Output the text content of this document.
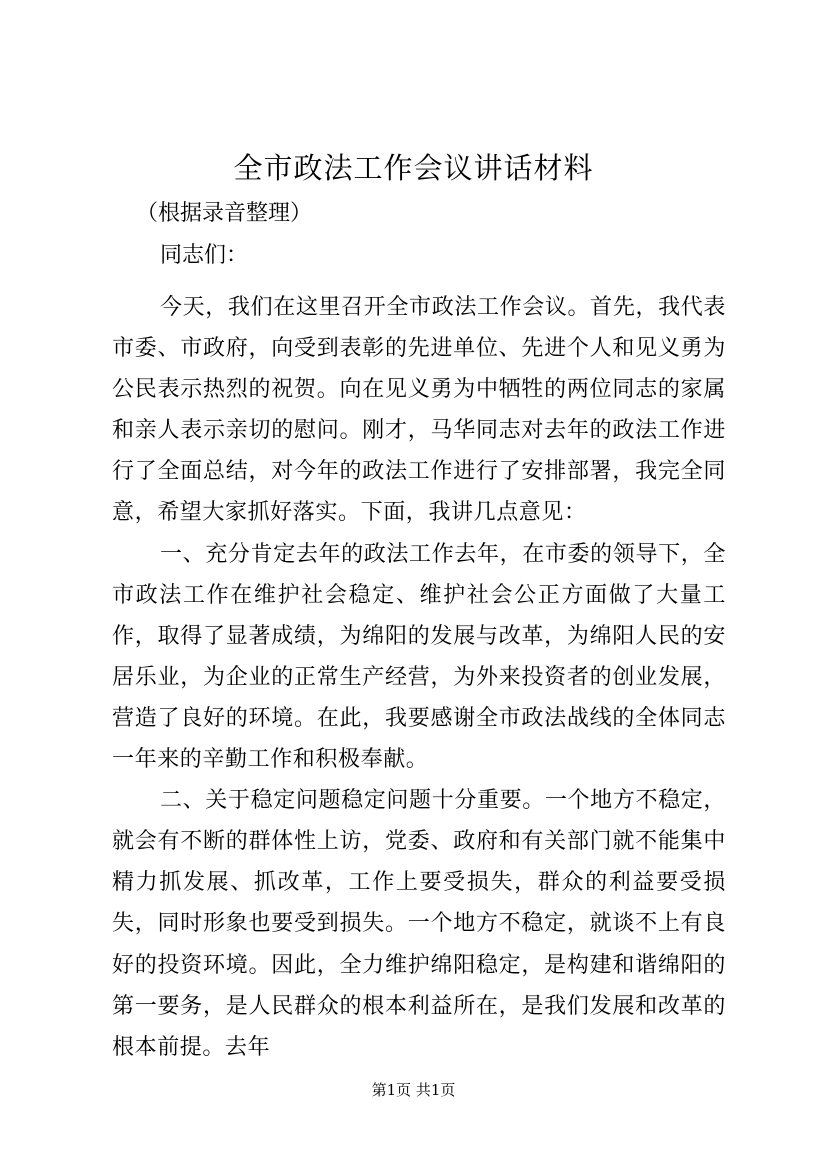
全市政法工作会议讲话材料

（根据录音整理）

同志们：

今天，我们在这里召开全市政法工作会议。首先，我代表市委、市政府，向受到表彰的先进单位、先进个人和见义勇为公民表示热烈的祝贺。向在见义勇为中牺牲的两位同志的家属和亲人表示亲切的慰问。刚才，马华同志对去年的政法工作进行了全面总结，对今年的政法工作进行了安排部署，我完全同意，希望大家抓好落实。下面，我讲几点意见：

一、充分肯定去年的政法工作去年，在市委的领导下，全市政法工作在维护社会稳定、维护社会公正方面做了大量工作，取得了显著成绩，为绵阳的发展与改革，为绵阳人民的安居乐业，为企业的正常生产经营，为外来投资者的创业发展，营造了良好的环境。在此，我要感谢全市政法战线的全体同志一年来的辛勤工作和积极奉献。

二、关于稳定问题稳定问题十分重要。一个地方不稳定，就会有不断的群体性上访，党委、政府和有关部门就不能集中精力抓发展、抓改革，工作上要受损失，群众的利益要受损失，同时形象也要受到损失。一个地方不稳定，就谈不上有良好的投资环境。因此，全力维护绵阳稳定，是构建和谐绵阳的第一要务，是人民群众的根本利益所在，是我们发展和改革的根本前提。去年

第1页 共1页
